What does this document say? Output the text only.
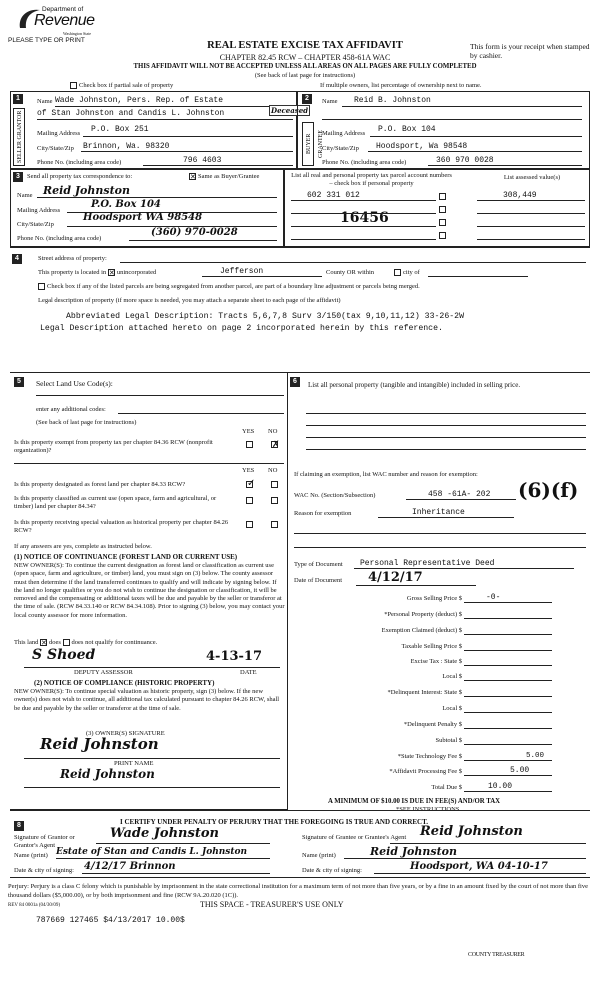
Department of
Revenue
Washington State
PLEASE TYPE OR PRINT	REAL ESTATE EXCISE TAX AFFIDAVIT
CHAPTER 82.45 RCW – CHAPTER 458-61A WAC
THIS AFFIDAVIT WILL NOT BE ACCEPTED UNLESS ALL AREAS ON ALL PAGES ARE FULLY COMPLETED
(See back of last page for instructions)
This form is your receipt when stamped by cashier.
Check box if partial sale of property	If multiple owners, list percentage of ownership next to name.
1
SELLER GRANTOR
Name Wade Johnston, Pers. Rep. of Estate
of Stan Johnston and Candis L. Johnston	Deceased
Mailing Address P.O. Box 251
City/State/Zip Brinnon, Wa. 98320
Phone No. (including area code)	796 4603
2
BUYER GRANTEE
Name Reid B. Johnston
Mailing Address P.O. Box 104
City/State/Zip Hoodsport, Wa 98548
Phone No. (including area code)	360 970 0028
3	Send all property tax correspondence to:	✕ Same as Buyer/Grantee
Name Reid Johnston
Mailing Address
P.O. Box 104
City/State/Zip
Hoodsport WA 98548
Phone No. (including area code)
(360) 970-0028
List all real and personal property tax parcel account numbers – check box if personal property
List assessed value(s)
602 331 012	308,449
16456
4	Street address of property:
This property is located in ✕ unincorporated	Jefferson	County OR within	city of
Check box if any of the listed parcels are being segregated from another parcel, are part of a boundary line adjustment or parcels being merged.
Legal description of property (if more space is needed, you may attach a separate sheet to each page of the affidavit)
Abbreviated Legal Description: Tracts 5,6,7,8 Surv 3/150(tax 9,10,11,12) 33-26-2W
Legal Description attached hereto on page 2 incorporated herein by this reference.
5	Select Land Use Code(s):
enter any additional codes:
(See back of last page for instructions)
YES NO
Is this property exempt from property tax per chapter 84.36 RCW (nonprofit organization)?
✗
YES NO
Is this property designated as forest land per chapter 84.33 RCW?	✓
Is this property classified as current use (open space, farm and agricultural, or timber) land per chapter 84.34?
Is this property receiving special valuation as historical property per chapter 84.26 RCW?
If any answers are yes, complete as instructed below.
(1) NOTICE OF CONTINUANCE (FOREST LAND OR CURRENT USE)
NEW OWNER(S): To continue the current designation as forest land or classification as current use (open space, farm and agriculture, or timber) land, you must sign on (3) below. The county assessor must then determine if the land transferred continues to qualify and will indicate by signing below. If the land no longer qualifies or you do not wish to continue the designation or classification, it will be removed and the compensating or additional taxes will be due and payable by the seller or transferor at the time of sale. (RCW 84.33.140 or RCW 84.34.108). Prior to signing (3) below, you may contact your local county assessor for more information.
This land ✕ does does not qualify for continuance.
S Shoed	4-13-17
DEPUTY ASSESSOR	DATE
(2) NOTICE OF COMPLIANCE (HISTORIC PROPERTY)
NEW OWNER(S): To continue special valuation as historic property, sign (3) below. If the new owner(s) does not wish to continue, all additional tax calculated pursuant to chapter 84.26 RCW, shall be due and payable by the seller or transferor at the time of sale.
(3) OWNER(S) SIGNATURE
Reid Johnston
PRINT NAME
Reid Johnston
6	List all personal property (tangible and intangible) included in selling price.
If claiming an exemption, list WAC number and reason for exemption:
WAC No. (Section/Subsection)	458 -61A- 202 (6)(f)
Reason for exemption	Inheritance
Type of Document Personal Representative Deed
Date of Document 4/12/17
Gross Selling Price $	-0-
*Personal Property (deduct) $
Exemption Claimed (deduct) $
Taxable Selling Price $
Excise Tax : State $
Local $
*Delinquent Interest: State $
Local $
*Delinquent Penalty $
Subtotal $
*State Technology Fee $	5.00
*Affidavit Processing Fee $	5.00
Total Due $	10.00
A MINIMUM OF $10.00 IS DUE IN FEE(S) AND/OR TAX
*SEE INSTRUCTIONS
8	I CERTIFY UNDER PENALTY OF PERJURY THAT THE FOREGOING IS TRUE AND CORRECT.
Signature of Grantor or Grantor's Agent
Wade Johnston
Name (print) Estate of Stan and Candis L. Johnston
Date & city of signing: 4/12/17 Brinnon
Signature of Grantee or Grantee's Agent	Reid Johnston
Name (print)	Reid Johnston
Date & city of signing:	Hoodsport, WA 04-10-17
Perjury: Perjury is a class C felony which is punishable by imprisonment in the state correctional institution for a maximum term of not more than five years, or by a fine in an amount fixed by the court of not more than five thousand dollars ($5,000.00), or by both imprisonment and fine (RCW 9A.20.020 (1C)).
REV 84 0001a (04/30/09)	THIS SPACE - TREASURER'S USE ONLY
787669 127465 $4/13/2017 10.00$
COUNTY TREASURER
